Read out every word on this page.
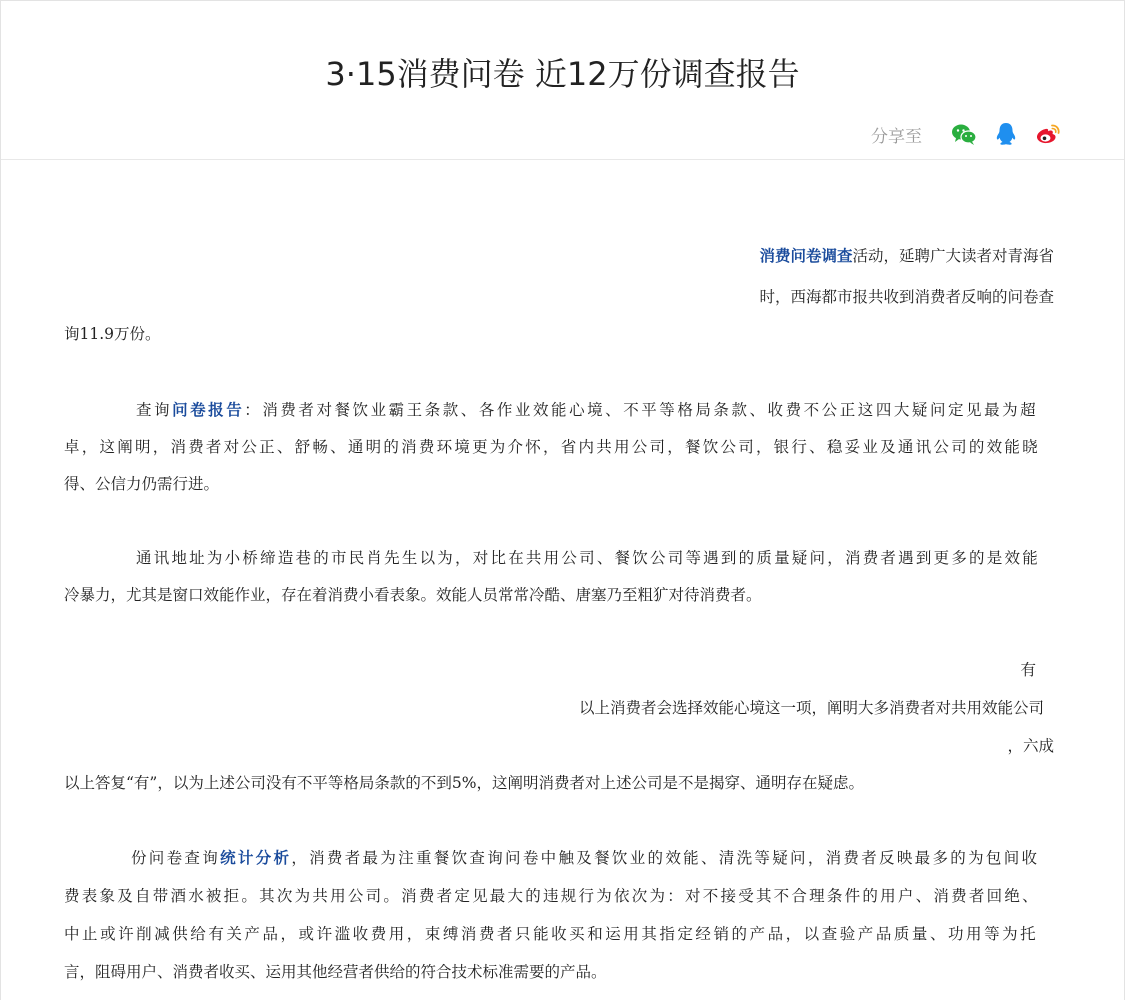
3·15消费问卷 近12万份调查报告
分享至
消费问卷调查活动，延聘广大读者对青海省
时，西海都市报共收到消费者反响的问卷查
询11.9万份。
查询问卷报告：消费者对餐饮业霸王条款、各作业效能心境、不平等格局条款、收费不公正这四大疑问定见最为超
卓，这阐明，消费者对公正、舒畅、通明的消费环境更为介怀，省内共用公司，餐饮公司，银行、稳妥业及通讯公司的效能晓
得、公信力仍需行进。
通讯地址为小桥缔造巷的市民肖先生以为，对比在共用公司、餐饮公司等遇到的质量疑问，消费者遇到更多的是效能
冷暴力，尤其是窗口效能作业，存在着消费小看表象。效能人员常常冷酷、唐塞乃至粗犷对待消费者。
有
以上消费者会选择效能心境这一项，阐明大多消费者对共用效能公司
，六成
以上答复“有”，以为上述公司没有不平等格局条款的不到5%，这阐明消费者对上述公司是不是揭穿、通明存在疑虑。
份问卷查询统计分析，消费者最为注重餐饮查询问卷中触及餐饮业的效能、清洗等疑问，消费者反映最多的为包间收
费表象及自带酒水被拒。其次为共用公司。消费者定见最大的违规行为依次为：对不接受其不合理条件的用户、消费者回绝、
中止或许削减供给有关产品，或许滥收费用，束缚消费者只能收买和运用其指定经销的产品，以查验产品质量、功用等为托
言，阻碍用户、消费者收买、运用其他经营者供给的符合技术标准需要的产品。
